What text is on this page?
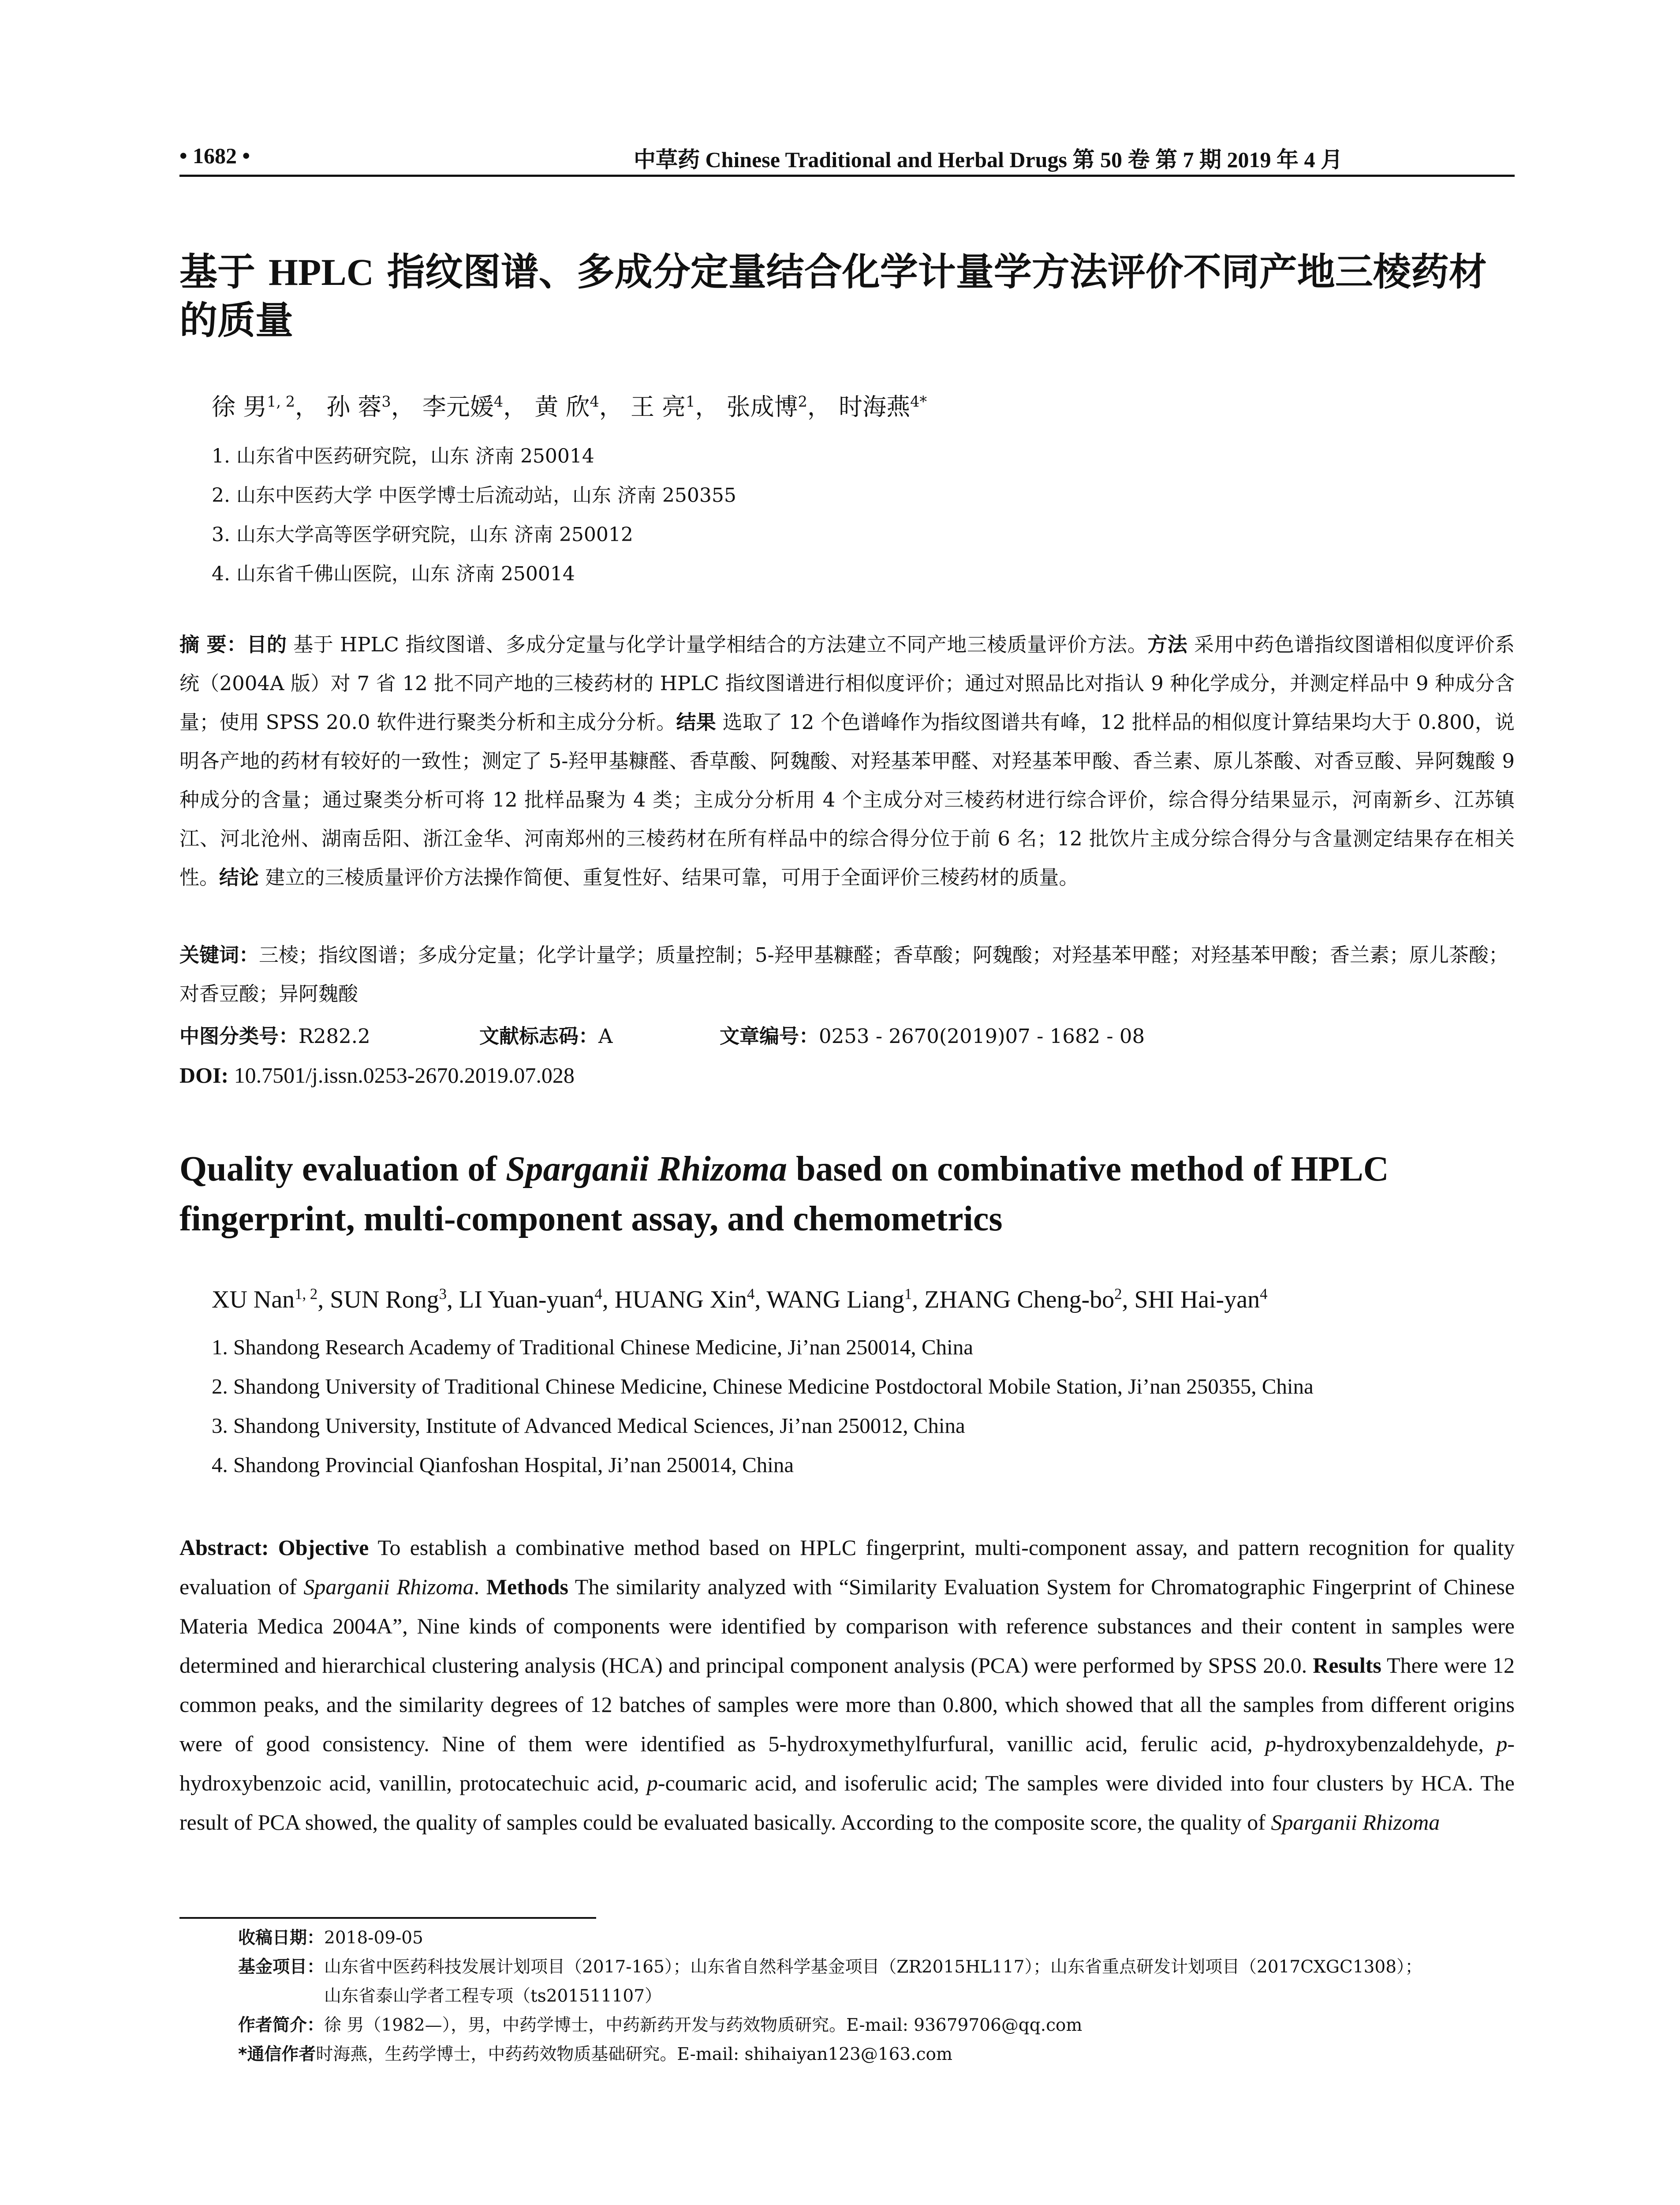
• 1682 •	中草药 Chinese Traditional and Herbal Drugs 第 50 卷 第 7 期 2019 年 4 月
基于 HPLC 指纹图谱、多成分定量结合化学计量学方法评价不同产地三棱药材的质量
徐 男$^{1, 2}$， 孙 蓉$^3$， 李元媛$^4$， 黄 欣$^4$， 王 亮$^1$， 张成博$^2$， 时海燕$^{4*}$
1. 山东省中医药研究院，山东 济南 250014
2. 山东中医药大学 中医学博士后流动站，山东 济南 250355
3. 山东大学高等医学研究院，山东 济南 250012
4. 山东省千佛山医院，山东 济南 250014

摘 要：目的 基于 HPLC 指纹图谱、多成分定量与化学计量学相结合的方法建立不同产地三棱质量评价方法。方法 采用中药色谱指纹图谱相似度评价系统（2004A 版）对 7 省 12 批不同产地的三棱药材的 HPLC 指纹图谱进行相似度评价；通过对照品比对指认 9 种化学成分，并测定样品中 9 种成分含量；使用 SPSS 20.0 软件进行聚类分析和主成分分析。结果 选取了 12 个色谱峰作为指纹图谱共有峰，12 批样品的相似度计算结果均大于 0.800，说明各产地的药材有较好的一致性；测定了 5-羟甲基糠醛、香草酸、阿魏酸、对羟基苯甲醛、对羟基苯甲酸、香兰素、原儿茶酸、对香豆酸、异阿魏酸 9 种成分的含量；通过聚类分析可将 12 批样品聚为 4 类；主成分分析用 4 个主成分对三棱药材进行综合评价，综合得分结果显示，河南新乡、江苏镇江、河北沧州、湖南岳阳、浙江金华、河南郑州的三棱药材在所有样品中的综合得分位于前 6 名；12 批饮片主成分综合得分与含量测定结果存在相关性。结论 建立的三棱质量评价方法操作简便、重复性好、结果可靠，可用于全面评价三棱药材的质量。

关键词：三棱；指纹图谱；多成分定量；化学计量学；质量控制；5-羟甲基糠醛；香草酸；阿魏酸；对羟基苯甲醛；对羟基苯甲酸；香兰素；原儿茶酸；对香豆酸；异阿魏酸

中图分类号：R282.2	文献标志码：A	文章编号：0253 - 2670(2019)07 - 1682 - 08
DOI: 10.7501/j.issn.0253-2670.2019.07.028
Quality evaluation of Sparganii Rhizoma based on combinative method of HPLC fingerprint, multi-component assay, and chemometrics
XU Nan$^{1, 2}$, SUN Rong$^3$, LI Yuan-yuan$^4$, HUANG Xin$^4$, WANG Liang$^1$, ZHANG Cheng-$bo^2$, SHI Hai-yan$^4$
1. Shandong Research Academy of Traditional Chinese Medicine, Ji’nan 250014, China
2. Shandong University of Traditional Chinese Medicine, Chinese Medicine Postdoctoral Mobile Station, Ji’nan 250355, China
3. Shandong University, Institute of Advanced Medical Sciences, Ji’nan 250012, China
4. Shandong Provincial Qianfoshan Hospital, Ji’nan 250014, China

Abstract: Objective To establish a combinative method based on HPLC fingerprint, multi-component assay, and pattern recognition for quality evaluation of Sparganii Rhizoma. Methods The similarity analyzed with “Similarity Evaluation System for Chromatographic Fingerprint of Chinese Materia Medica 2004A”, Nine kinds of components were identified by comparison with reference substances and their content in samples were determined and hierarchical clustering analysis (HCA) and principal component analysis (PCA) were performed by SPSS 20.0. Results There were 12 common peaks, and the similarity degrees of 12 batches of samples were more than 0.800, which showed that all the samples from different origins were of good consistency. Nine of them were identified as 5-hydroxymethylfurfural, vanillic acid, ferulic acid, p-hydroxybenzaldehyde, p-hydroxybenzoic acid, vanillin, protocatechuic acid, p-coumaric acid, and isoferulic acid; The samples were divided into four clusters by HCA. The result of PCA showed, the quality of samples could be evaluated basically. According to the composite score, the quality of Sparganii Rhizoma

收稿日期： 2018-09-05
基金项目： 山东省中医药科技发展计划项目（2017-165）；山东省自然科学基金项目（ZR2015HL117）；山东省重点研发计划项目（2017CXGC1308）；
山东省泰山学者工程专项（ts201511107）
作者简介： 徐 男（1982—），男，中药学博士，中药新药开发与药效物质研究。E-mail: 93679706@qq.com
*通信作者 时海燕，生药学博士，中药药效物质基础研究。E-mail: shihaiyan123@163.com
